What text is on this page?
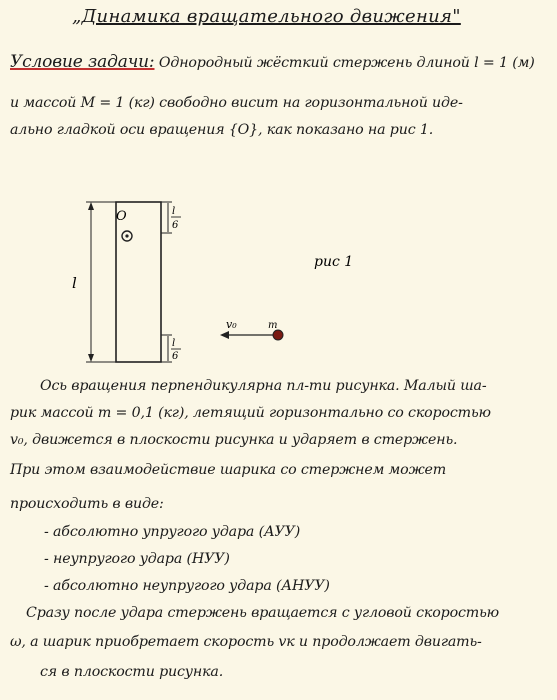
„Динамика вращательного движения"
Условие задачи: Однородный жёсткий стержень длиной l = 1 (м)
и массой M = 1 (кг) свободно висит на горизонтальной иде-
ально гладкой оси вращения {O}, как показано на рис 1.
O
l
l
6
l
6
v₀	m
рис 1
Ось вращения перпендикулярна пл-ти рисунка. Малый ша-
рик массой m = 0,1 (кг), летящий горизонтально со скоростью
v₀, движется в плоскости рисунка и ударяет в стержень.
При этом взаимодействие шарика со стержнем может
происходить в виде:
- абсолютно упругого удара (АУУ)
- неупругого удара (НУУ)
- абсолютно неупругого удара (АНУУ)
Сразу после удара стержень вращается с угловой скоростью
ω, а шарик приобретает скорость vк и продолжает двигать-
ся в плоскости рисунка.
